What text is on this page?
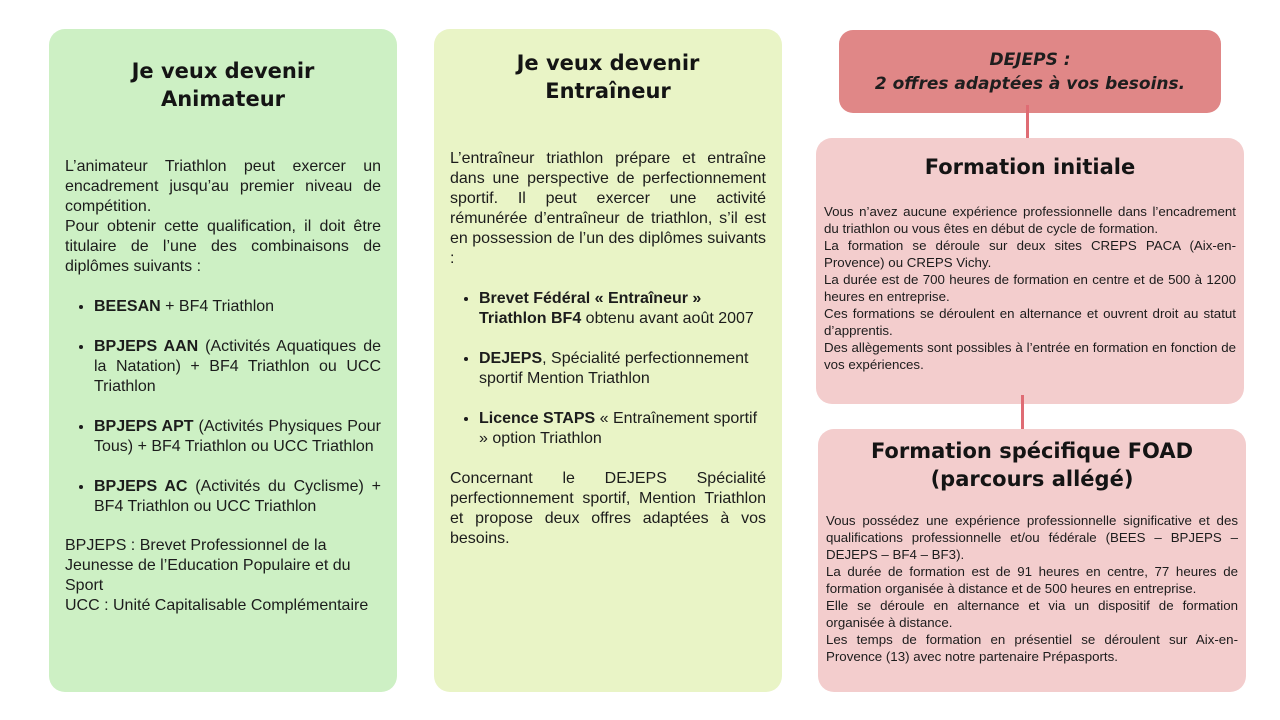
Je veux devenir
Animateur

L’animateur Triathlon peut exercer un encadrement jusqu’au premier niveau de compétition.

Pour obtenir cette qualification, il doit être titulaire de l’une des combinaisons de diplômes suivants :

• BEESAN + BF4 Triathlon
• BPJEPS AAN (Activités Aquatiques de la Natation) + BF4 Triathlon ou UCC Triathlon
• BPJEPS APT (Activités Physiques Pour Tous) + BF4 Triathlon ou UCC Triathlon
• BPJEPS AC (Activités du Cyclisme) + BF4 Triathlon ou UCC Triathlon

BPJEPS : Brevet Professionnel de la Jeunesse de l’Education Populaire et du Sport

UCC : Unité Capitalisable Complémentaire

Je veux devenir
Entraîneur

L’entraîneur triathlon prépare et entraîne dans une perspective de perfectionnement sportif. Il peut exercer une activité rémunérée d’entraîneur de triathlon, s’il est en possession de l’un des diplômes suivants :

• Brevet Fédéral « Entraîneur » Triathlon BF4 obtenu avant août 2007
• DEJEPS, Spécialité perfectionnement sportif Mention Triathlon
• Licence STAPS « Entraînement sportif » option Triathlon

Concernant le DEJEPS Spécialité perfectionnement sportif, Mention Triathlon et propose deux offres adaptées à vos besoins.

DEJEPS :
2 offres adaptées à vos besoins.
Formation initiale

Vous n’avez aucune expérience professionnelle dans l’encadrement du triathlon ou vous êtes en début de cycle de formation.

La formation se déroule sur deux sites CREPS PACA (Aix-en-Provence) ou CREPS Vichy.

La durée est de 700 heures de formation en centre et de 500 à 1200 heures en entreprise.

Ces formations se déroulent en alternance et ouvrent droit au statut d’apprentis.

Des allègements sont possibles à l’entrée en formation en fonction de vos expériences.

Formation spécifique FOAD
(parcours allégé)

Vous possédez une expérience professionnelle significative et des qualifications professionnelle et/ou fédérale (BEES – BPJEPS – DEJEPS – BF4 – BF3).

La durée de formation est de 91 heures en centre, 77 heures de formation organisée à distance et de 500 heures en entreprise.

Elle se déroule en alternance et via un dispositif de formation organisée à distance.

Les temps de formation en présentiel se déroulent sur Aix-en-Provence (13) avec notre partenaire Prépasports.
